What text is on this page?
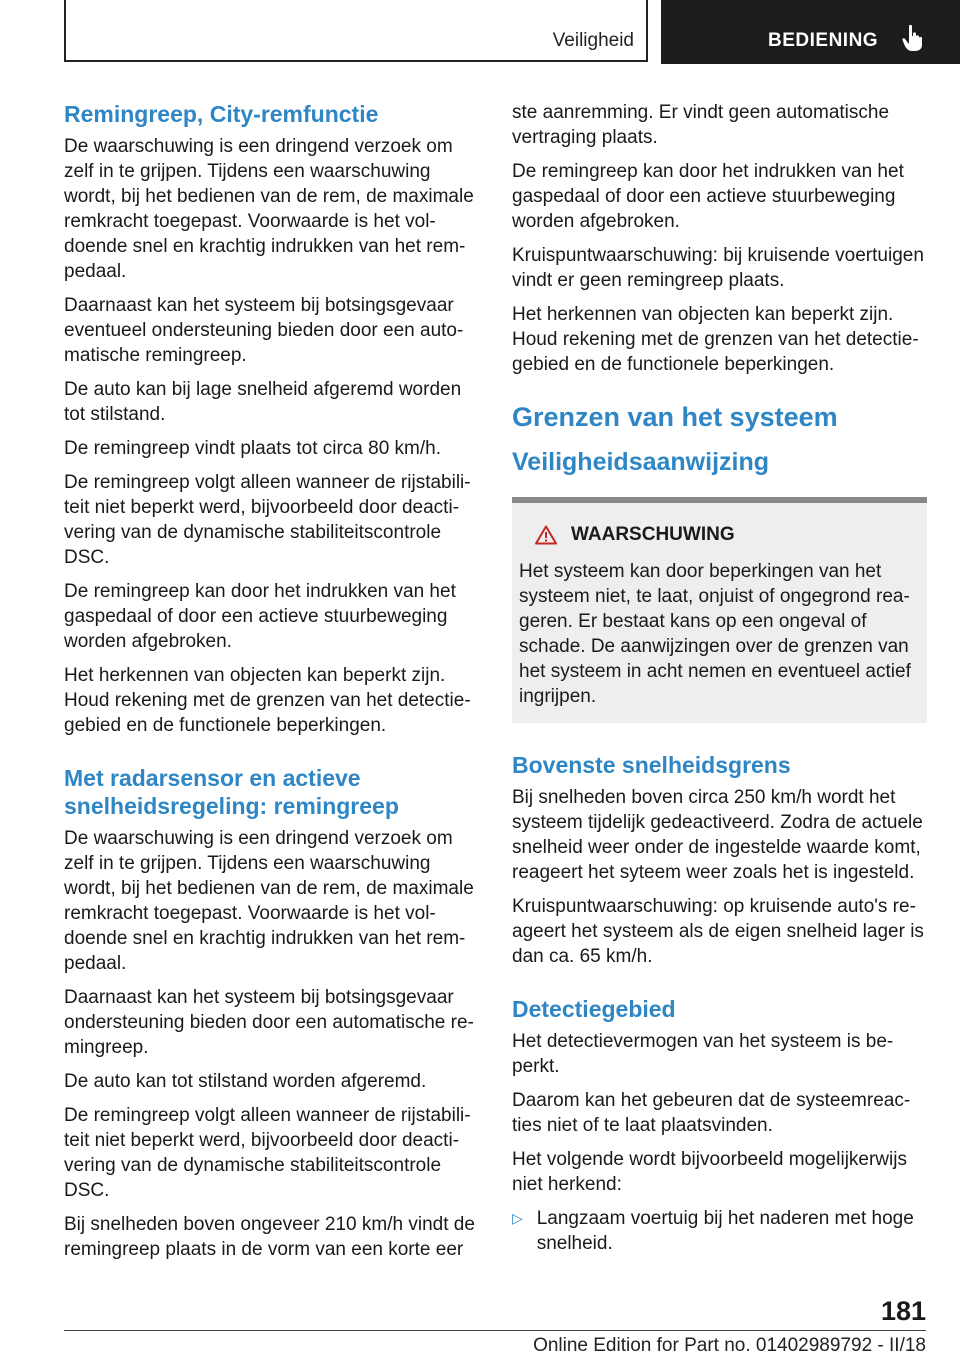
Veiligheid	BEDIENING
Remingreep, City-remfunctie

De waarschuwing is een dringend verzoek om zelf in te grijpen. Tijdens een waarschuwing wordt, bij het bedienen van de rem, de maximale remkracht toegepast. Voorwaarde is het voldoende snel en krachtig indrukken van het rempedaal.

Daarnaast kan het systeem bij botsingsgevaar eventueel ondersteuning bieden door een automatische remingreep.

De auto kan bij lage snelheid afgeremd worden tot stilstand.

De remingreep vindt plaats tot circa 80 km/h.

De remingreep volgt alleen wanneer de rijstabiliteit niet beperkt werd, bijvoorbeeld door deactivering van de dynamische stabiliteitscontrole DSC.

De remingreep kan door het indrukken van het gaspedaal of door een actieve stuurbeweging worden afgebroken.

Het herkennen van objecten kan beperkt zijn. Houd rekening met de grenzen van het detectiegebied en de functionele beperkingen.

Met radarsensor en actieve snelheidsregeling: remingreep

De waarschuwing is een dringend verzoek om zelf in te grijpen. Tijdens een waarschuwing wordt, bij het bedienen van de rem, de maximale remkracht toegepast. Voorwaarde is het voldoende snel en krachtig indrukken van het rempedaal.

Daarnaast kan het systeem bij botsingsgevaar ondersteuning bieden door een automatische remingreep.

De auto kan tot stilstand worden afgeremd.

De remingreep volgt alleen wanneer de rijstabiliteit niet beperkt werd, bijvoorbeeld door deactivering van de dynamische stabiliteitscontrole DSC.

Bij snelheden boven ongeveer 210 km/h vindt de remingreep plaats in de vorm van een korte eer

ste aanremming. Er vindt geen automatische vertraging plaats.

De remingreep kan door het indrukken van het gaspedaal of door een actieve stuurbeweging worden afgebroken.

Kruispuntwaarschuwing: bij kruisende voertuigen vindt er geen remingreep plaats.

Het herkennen van objecten kan beperkt zijn. Houd rekening met de grenzen van het detectiegebied en de functionele beperkingen.

Grenzen van het systeem
Veiligheidsaanwijzing
WAARSCHUWING

Het systeem kan door beperkingen van het systeem niet, te laat, onjuist of ongegrond reageren. Er bestaat kans op een ongeval of schade. De aanwijzingen over de grenzen van het systeem in acht nemen en eventueel actief ingrijpen.

Bovenste snelheidsgrens

Bij snelheden boven circa 250 km/h wordt het systeem tijdelijk gedeactiveerd. Zodra de actuele snelheid weer onder de ingestelde waarde komt, reageert het syteem weer zoals het is ingesteld.

Kruispuntwaarschuwing: op kruisende auto's reageert het systeem als de eigen snelheid lager is dan ca. 65 km/h.

Detectiegebied

Het detectievermogen van het systeem is beperkt.

Daarom kan het gebeuren dat de systeemreacties niet of te laat plaatsvinden.

Het volgende wordt bijvoorbeeld mogelijkerwijs niet herkend:

▷ Langzaam voertuig bij het naderen met hoge snelheid.

181
Online Edition for Part no. 01402989792 - II/18
